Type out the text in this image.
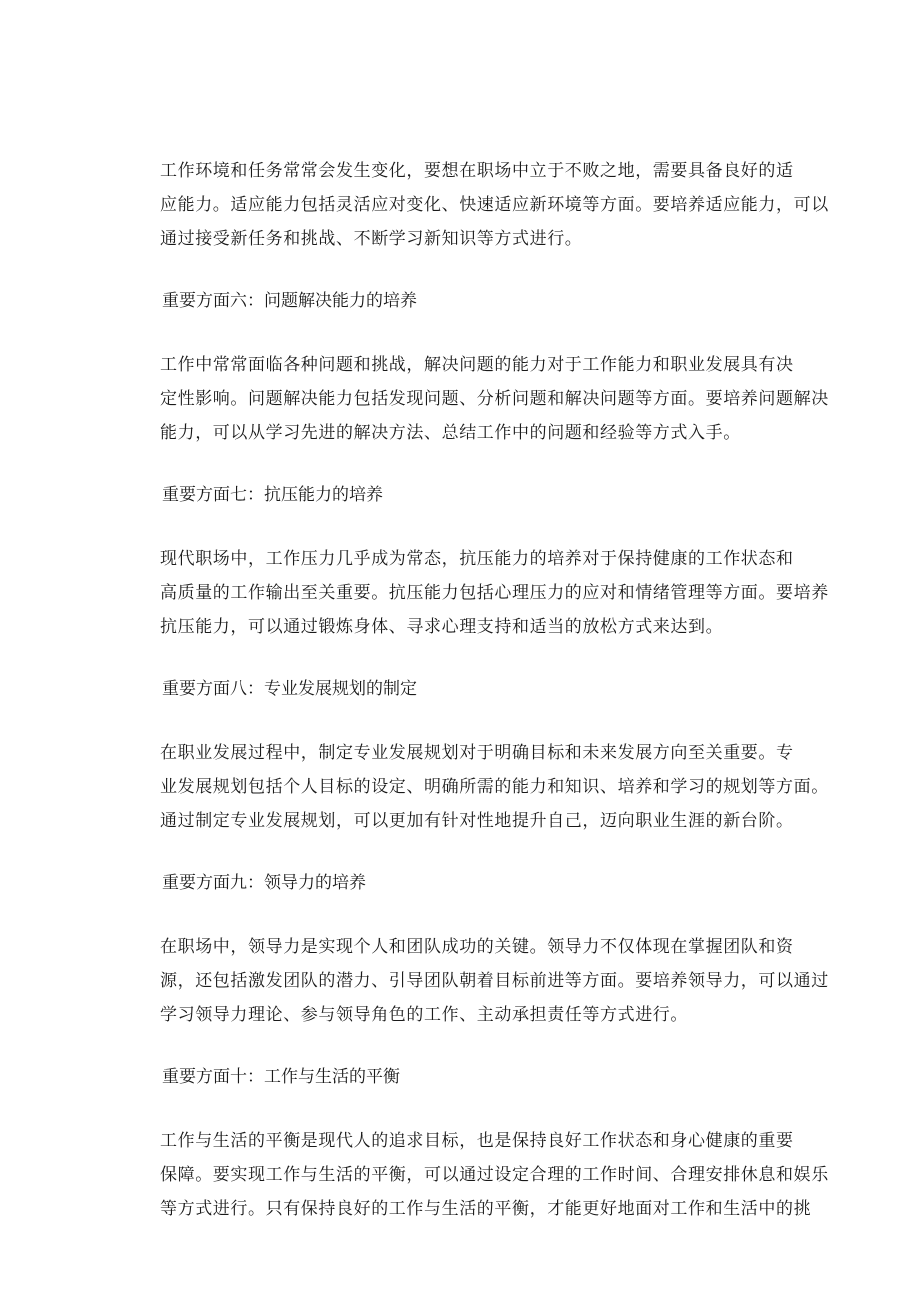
工作环境和任务常常会发生变化，要想在职场中立于不败之地，需要具备良好的适
应能力。适应能力包括灵活应对变化、快速适应新环境等方面。要培养适应能力，可以
通过接受新任务和挑战、不断学习新知识等方式进行。
重要方面六：问题解决能力的培养
工作中常常面临各种问题和挑战，解决问题的能力对于工作能力和职业发展具有决
定性影响。问题解决能力包括发现问题、分析问题和解决问题等方面。要培养问题解决
能力，可以从学习先进的解决方法、总结工作中的问题和经验等方式入手。
重要方面七：抗压能力的培养
现代职场中，工作压力几乎成为常态，抗压能力的培养对于保持健康的工作状态和
高质量的工作输出至关重要。抗压能力包括心理压力的应对和情绪管理等方面。要培养
抗压能力，可以通过锻炼身体、寻求心理支持和适当的放松方式来达到。
重要方面八：专业发展规划的制定
在职业发展过程中，制定专业发展规划对于明确目标和未来发展方向至关重要。专
业发展规划包括个人目标的设定、明确所需的能力和知识、培养和学习的规划等方面。
通过制定专业发展规划，可以更加有针对性地提升自己，迈向职业生涯的新台阶。
重要方面九：领导力的培养
在职场中，领导力是实现个人和团队成功的关键。领导力不仅体现在掌握团队和资
源，还包括激发团队的潜力、引导团队朝着目标前进等方面。要培养领导力，可以通过
学习领导力理论、参与领导角色的工作、主动承担责任等方式进行。
重要方面十：工作与生活的平衡
工作与生活的平衡是现代人的追求目标，也是保持良好工作状态和身心健康的重要
保障。要实现工作与生活的平衡，可以通过设定合理的工作时间、合理安排休息和娱乐
等方式进行。只有保持良好的工作与生活的平衡，才能更好地面对工作和生活中的挑
